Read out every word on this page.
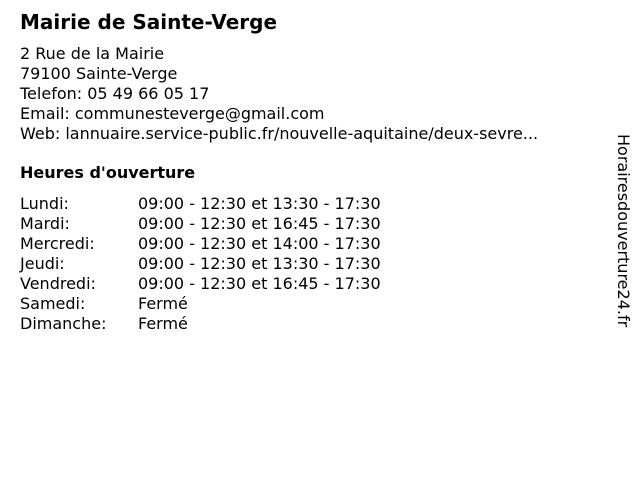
Mairie de Sainte-Verge
2 Rue de la Mairie
79100 Sainte-Verge
Telefon: 05 49 66 05 17
Email: communesteverge@gmail.com
Web: lannuaire.service-public.fr/nouvelle-aquitaine/deux-sevre...
Heures d'ouverture
Lundi:	09:00 - 12:30 et 13:30 - 17:30
Mardi:	09:00 - 12:30 et 16:45 - 17:30
Mercredi:	09:00 - 12:30 et 14:00 - 17:30
Jeudi:	09:00 - 12:30 et 13:30 - 17:30
Vendredi:	09:00 - 12:30 et 16:45 - 17:30
Samedi:	Fermé
Dimanche: Fermé	Horairesdouverture24.fr
